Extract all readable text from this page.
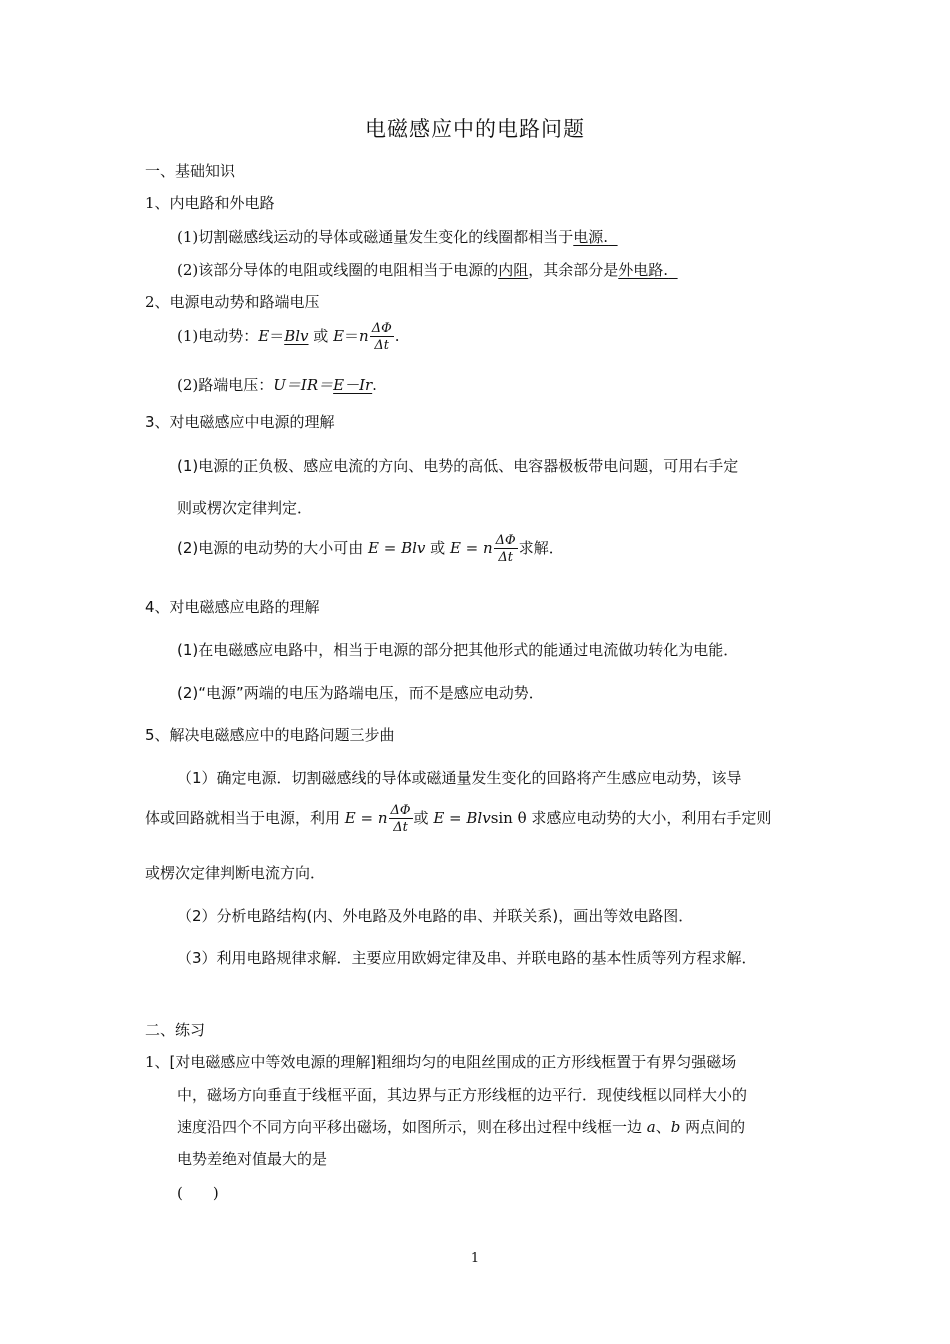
电磁感应中的电路问题
一、基础知识
1、内电路和外电路
(1)切割磁感线运动的导体或磁通量发生变化的线圈都相当于电源.
(2)该部分导体的电阻或线圈的电阻相当于电源的内阻，其余部分是外电路.
2、电源电动势和路端电压
(1)电动势：E＝Blv 或 $E=n \frac{\Delta\Phi}{\Delta t}$ .
(2)路端电压：U＝IR＝E－Ir.
3、对电磁感应中电源的理解
(1)电源的正负极、感应电流的方向、电势的高低、电容器极板带电问题，可用右手定
则或楞次定律判定．
(2)电源的电动势的大小可由 E = Blv 或 E = n $\frac{\Delta\Phi}{\Delta t}$ 求解．
4、对电磁感应电路的理解
(1)在电磁感应电路中，相当于电源的部分把其他形式的能通过电流做功转化为电能．
(2)“电源”两端的电压为路端电压，而不是感应电动势．
5、解决电磁感应中的电路问题三步曲
（1）确定电源．切割磁感线的导体或磁通量发生变化的回路将产生感应电动势，该导
体或回路就相当于电源，利用 E = n $\frac{\Delta\Phi}{\Delta t}$ 或 E = Blvsin θ 求感应电动势的大小，利用右手定则
或楞次定律判断电流方向．
（2）分析电路结构(内、外电路及外电路的串、并联关系)，画出等效电路图．
（3）利用电路规律求解．主要应用欧姆定律及串、并联电路的基本性质等列方程求解．
二、练习
1、[对电磁感应中等效电源的理解]粗细均匀的电阻丝围成的正方形线框置于有界匀强磁场
中，磁场方向垂直于线框平面，其边界与正方形线框的边平行．现使线框以同样大小的
速度沿四个不同方向平移出磁场，如图所示，则在移出过程中线框一边 a、b 两点间的
电势差绝对值最大的是
(　　)
1
